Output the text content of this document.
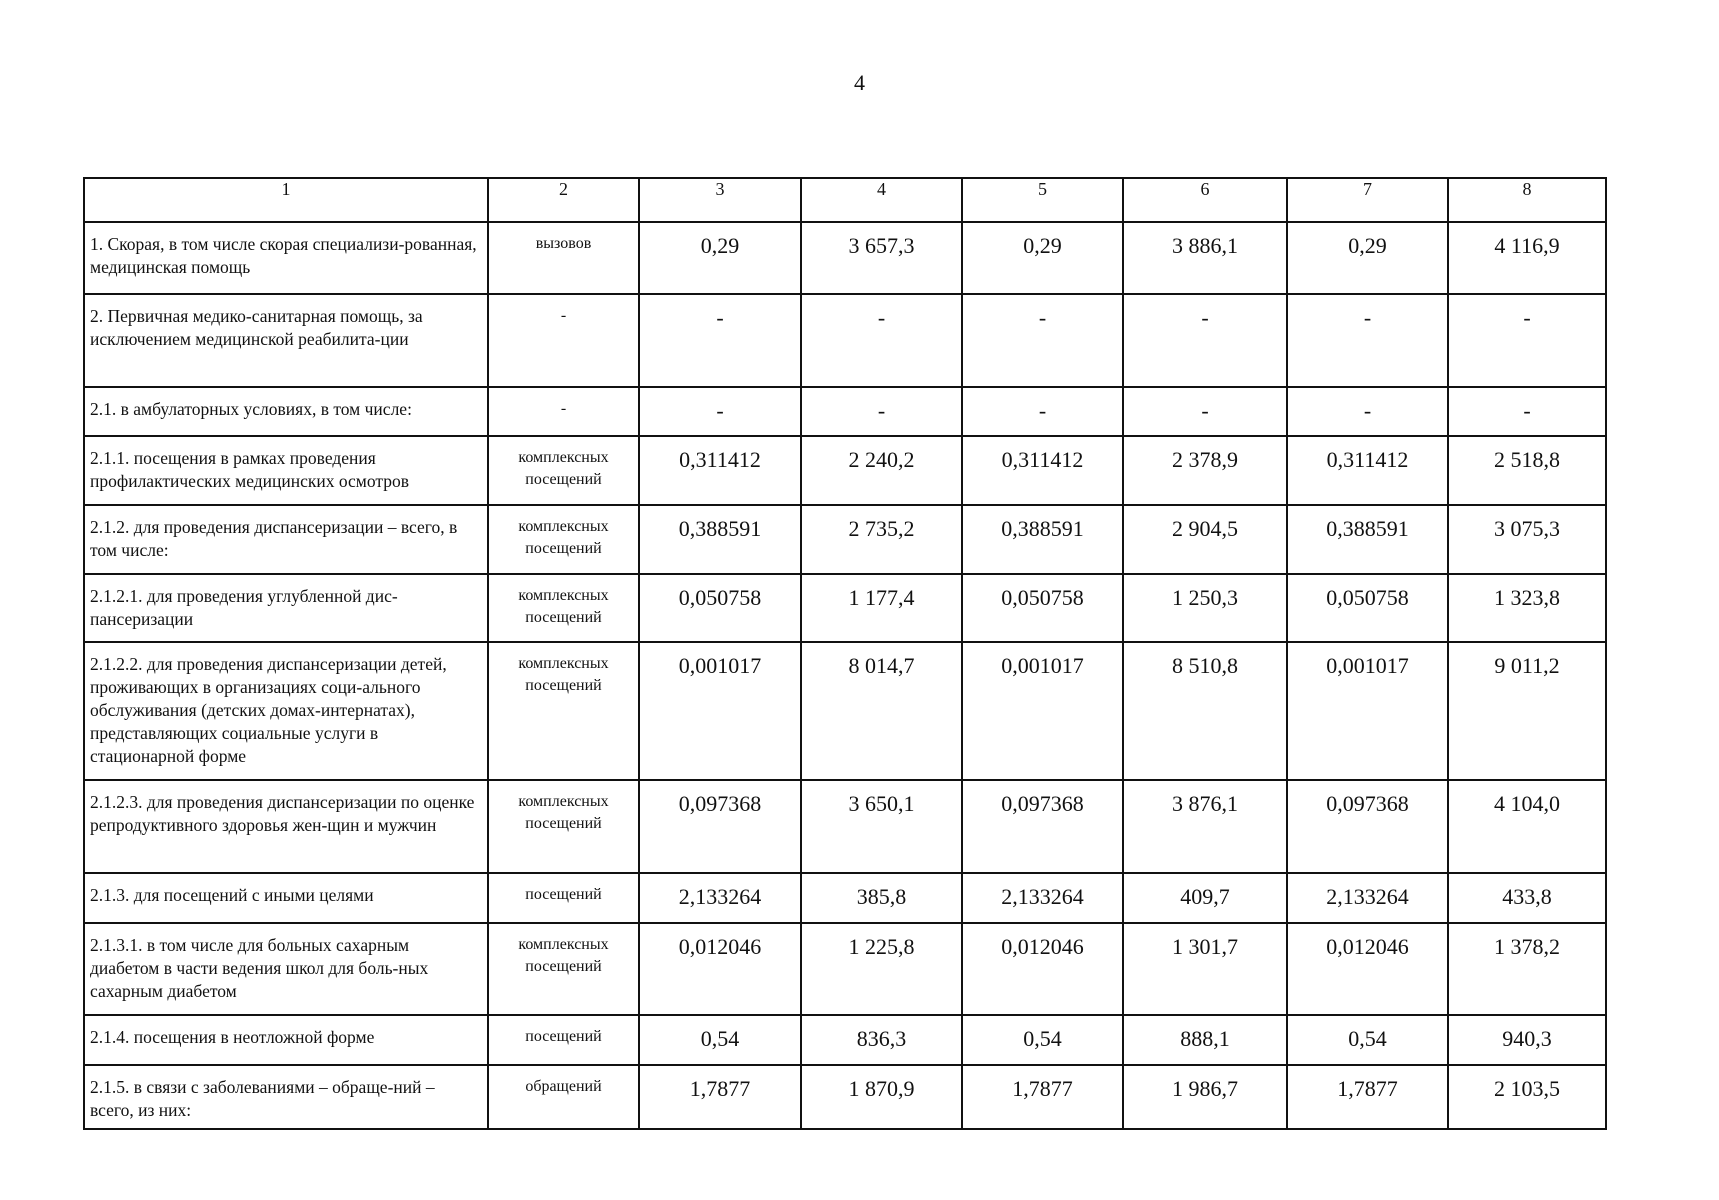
4
1	2	3	4	5	6	7	8
1. Скорая, в том числе скорая специализи-рованная, медицинская помощь	вызовов	0,29	3 657,3	0,29	3 886,1	0,29	4 116,9
2. Первичная медико-санитарная помощь, за исключением медицинской реабилита-ции	-	-	-	-	-	-	-
2.1. в амбулаторных условиях, в том числе:	-	-	-	-	-	-	-
2.1.1. посещения в рамках проведения профилактических медицинских осмотров	комплексных посещений	0,311412	2 240,2	0,311412	2 378,9	0,311412	2 518,8
2.1.2. для проведения диспансеризации – всего, в том числе:	комплексных посещений	0,388591	2 735,2	0,388591	2 904,5	0,388591	3 075,3
2.1.2.1. для проведения углубленной дис-пансеризации	комплексных посещений	0,050758	1 177,4	0,050758	1 250,3	0,050758	1 323,8
2.1.2.2. для проведения диспансеризации детей, проживающих в организациях соци-ального обслуживания (детских домах-интернатах), представляющих социальные услуги в стационарной форме	комплексных посещений	0,001017	8 014,7	0,001017	8 510,8	0,001017	9 011,2
2.1.2.3. для проведения диспансеризации по оценке репродуктивного здоровья жен-щин и мужчин	комплексных посещений	0,097368	3 650,1	0,097368	3 876,1	0,097368	4 104,0
2.1.3. для посещений с иными целями	посещений	2,133264	385,8	2,133264	409,7	2,133264	433,8
2.1.3.1. в том числе для больных сахарным диабетом в части ведения школ для боль-ных сахарным диабетом	комплексных посещений	0,012046	1 225,8	0,012046	1 301,7	0,012046	1 378,2
2.1.4. посещения в неотложной форме	посещений	0,54	836,3	0,54	888,1	0,54	940,3
2.1.5. в связи с заболеваниями – обраще-ний – всего, из них:	обращений	1,7877	1 870,9	1,7877	1 986,7	1,7877	2 103,5
